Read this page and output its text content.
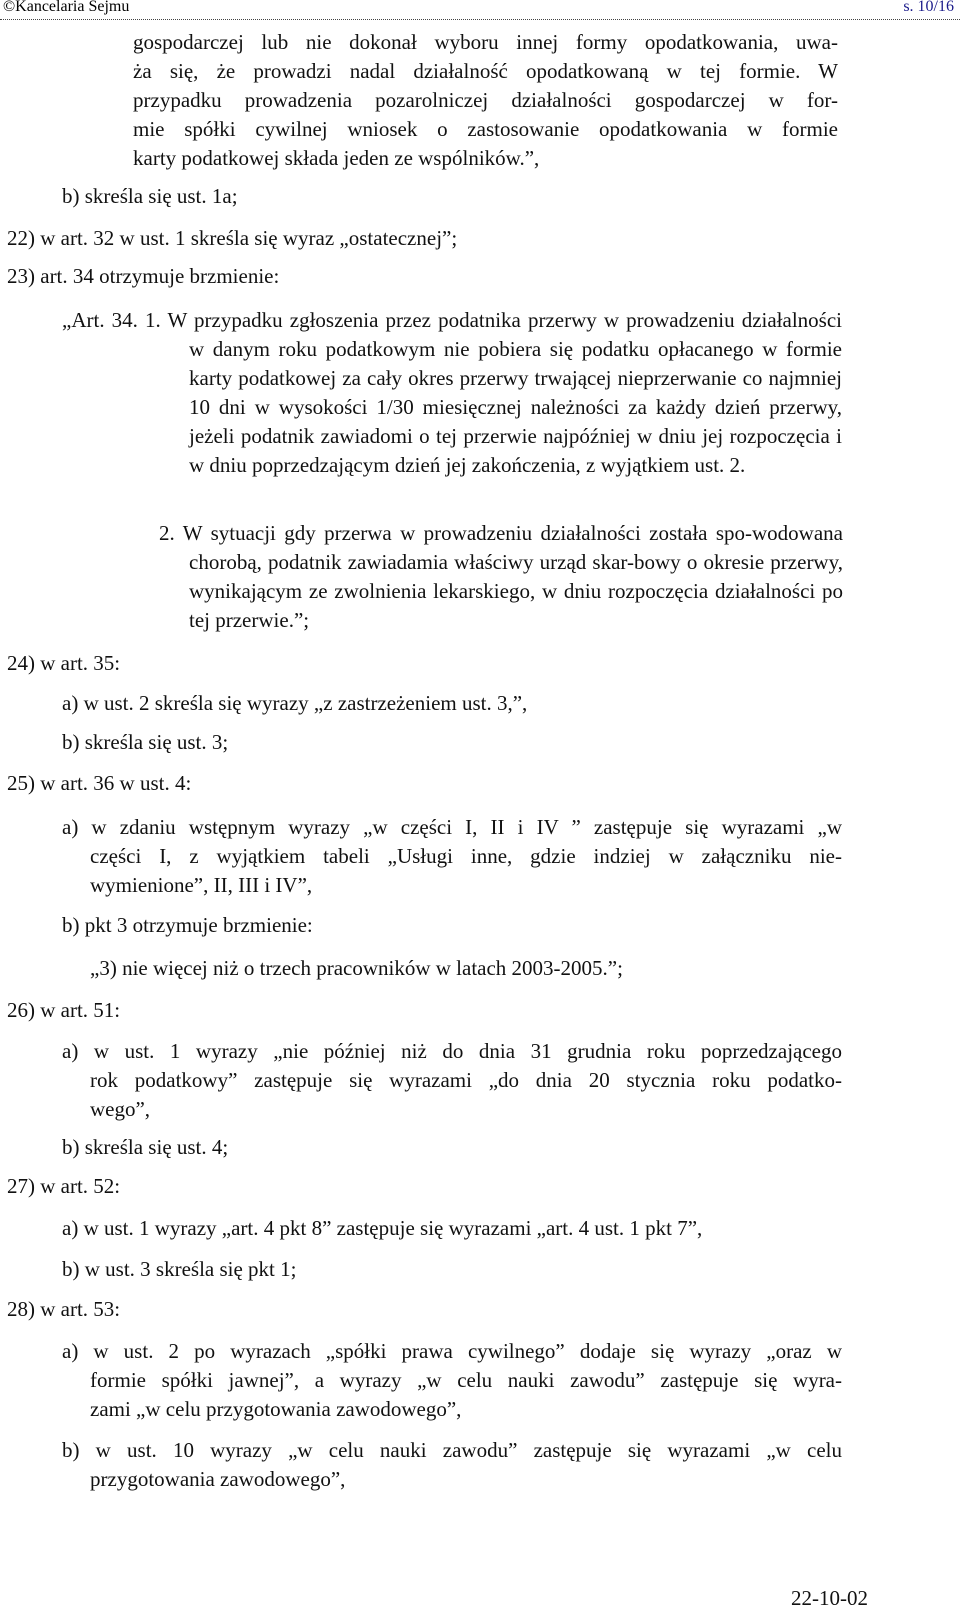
©Kancelaria Sejmu	s. 10/16
gospodarczej lub nie dokonał wyboru innej formy opodatkowania, uwa-
ża się, że prowadzi nadal działalność opodatkowaną w tej formie. W
przypadku prowadzenia pozarolniczej działalności gospodarczej w for-
mie spółki cywilnej wniosek o zastosowanie opodatkowania w formie
karty podatkowej składa jeden ze wspólników.”,
b) skreśla się ust. 1a;
22) w art. 32 w ust. 1 skreśla się wyraz „ostatecznej”;
23) art. 34 otrzymuje brzmienie:
„Art. 34. 1. W przypadku zgłoszenia przez podatnika przerwy w prowadzeniu działalności w danym roku podatkowym nie pobiera się podatku opłacanego w formie karty podatkowej za cały okres przerwy trwającej nieprzerwanie co najmniej 10 dni w wysokości 1/30 miesięcznej należności za każdy dzień przerwy, jeżeli podatnik zawiadomi o tej przerwie najpóźniej w dniu jej rozpoczęcia i w dniu poprzedzającym dzień jej zakończenia, z wyjątkiem ust. 2.
2. W sytuacji gdy przerwa w prowadzeniu działalności została spo-wodowana chorobą, podatnik zawiadamia właściwy urząd skar-bowy o okresie przerwy, wynikającym ze zwolnienia lekarskiego, w dniu rozpoczęcia działalności po tej przerwie.”;
24) w art. 35:
a) w ust. 2 skreśla się wyrazy „z zastrzeżeniem ust. 3,”,
b) skreśla się ust. 3;
25) w art. 36 w ust. 4:
a) w zdaniu wstępnym wyrazy „w części I, II i IV ” zastępuje się wyrazami „w
części I, z wyjątkiem tabeli „Usługi inne, gdzie indziej w załączniku nie-
wymienione”, II, III i IV”,
b) pkt 3 otrzymuje brzmienie:
„3) nie więcej niż o trzech pracowników w latach 2003-2005.”;
26) w art. 51:
a) w ust. 1 wyrazy „nie później niż do dnia 31 grudnia roku poprzedzającego
rok podatkowy” zastępuje się wyrazami „do dnia 20 stycznia roku podatko-
wego”,
b) skreśla się ust. 4;
27) w art. 52:
a) w ust. 1 wyrazy „art. 4 pkt 8” zastępuje się wyrazami „art. 4 ust. 1 pkt 7”,
b) w ust. 3 skreśla się pkt 1;
28) w art. 53:
a) w ust. 2 po wyrazach „spółki prawa cywilnego” dodaje się wyrazy „oraz w
formie spółki jawnej”, a wyrazy „w celu nauki zawodu” zastępuje się wyra-
zami „w celu przygotowania zawodowego”,
b) w ust. 10 wyrazy „w celu nauki zawodu” zastępuje się wyrazami „w celu
przygotowania zawodowego”,
22-10-02
